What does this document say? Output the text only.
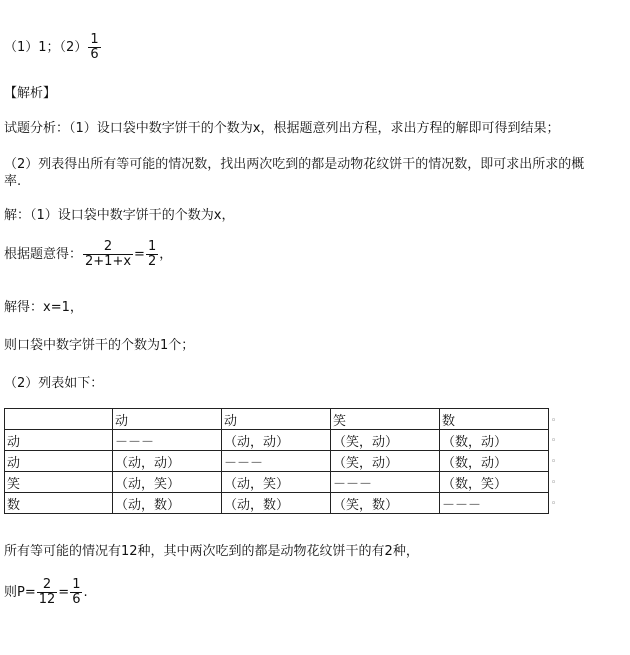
（1）1；$(2) \frac{1}{6}$
【解析】
试题分析：（1）设口袋中数字饼干的个数为x，根据题意列出方程，求出方程的解即可得到结果；
（2）列表得出所有等可能的情况数，找出两次吃到的都是动物花纹饼干的情况数，即可求出所求的概
率.
解：（1）设口袋中数字饼干的个数为x，
根据题意得： $\frac{2}{2+1+x} = \frac{1}{2}$ ，
解得：x=1，
则口袋中数字饼干的个数为1个；
（2）列表如下：
	动	动	笑	数
动	－－－	（动，动）	（笑，动）	（数，动）
动	（动，动）	－－－	（笑，动）	（数，动）
笑	（动，笑）	（动，笑）	－－－	（数，笑）
数	（动，数）	（动，数）	（笑，数）	－－－
◦
◦
◦
◦
◦
所有等可能的情况有12种，其中两次吃到的都是动物花纹饼干的有2种，
则$P= \frac{2}{12} = \frac{1}{6}$ .
